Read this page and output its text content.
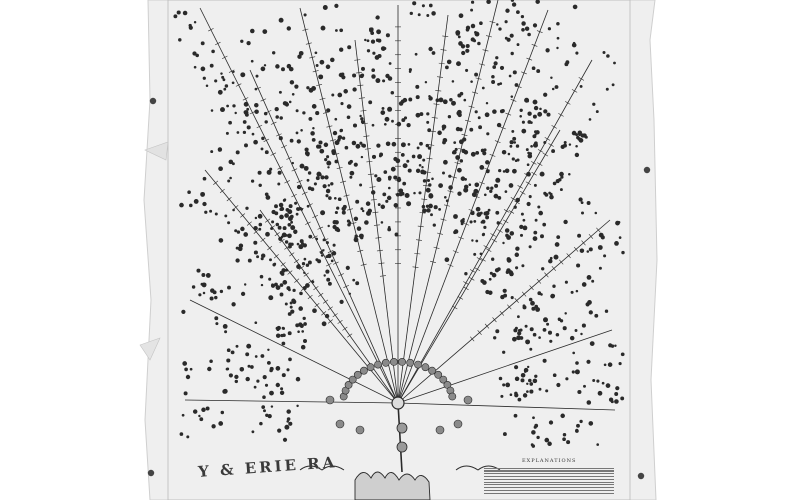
Y & ERIE RA	EXPLANATIONS
